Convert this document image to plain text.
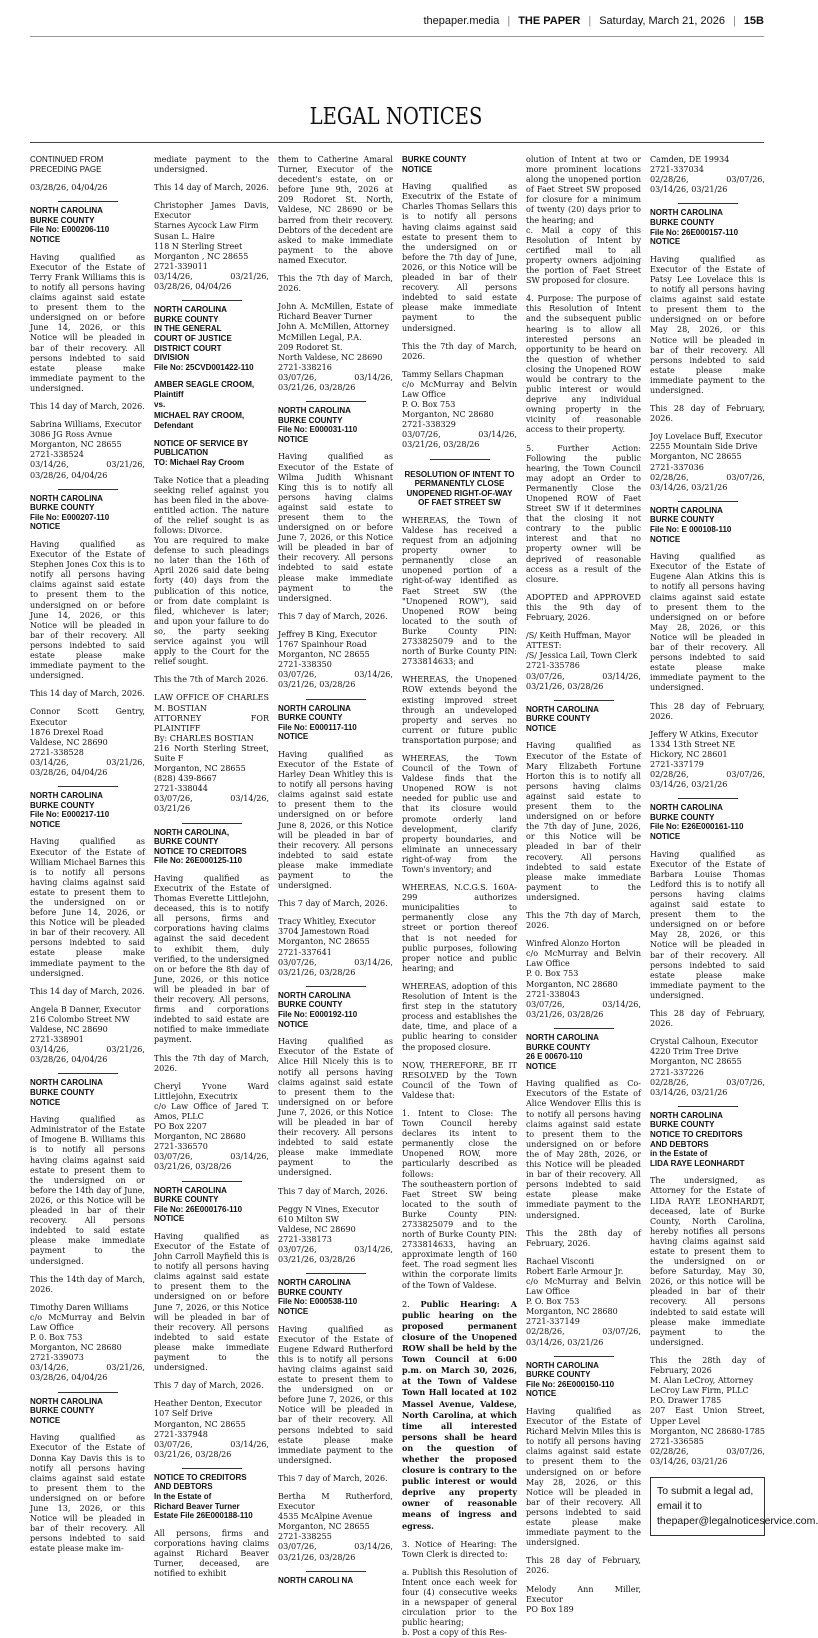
thepaper.media | THE PAPER | Saturday, March 21, 2026 | 15B
LEGAL NOTICES

CONTINUED FROM PRECEDING PAGE

03/28/26, 04/04/26

NORTH CAROLINA
BURKE COUNTY
File No: E000206-110
NOTICE

Having qualified as Executor of the Estate of Terry Frank Williams this is to notify all persons having claims against said estate to present them to the undersigned on or before June 14, 2026, or this Notice will be pleaded in bar of their recovery. All persons indebted to said estate please make immediate payment to the undersigned.

This 14 day of March, 2026.

Sabrina Williams, Executor
3086 JG Ross Avnue
Morganton, NC 28655
2721-338524
03/14/26, 03/21/26, 03/28/26, 04/04/26

NORTH CAROLINA
BURKE COUNTY
File No: E000207-110
NOTICE

Having qualified as Executor of the Estate of Stephen Jones Cox this is to notify all persons having claims against said estate to present them to the undersigned on or before June 14, 2026, or this Notice will be pleaded in bar of their recovery. All persons indebted to said estate please make immediate payment to the undersigned.

This 14 day of March, 2026.

Connor Scott Gentry, Executor
1876 Drexel Road
Valdese, NC 28690
2721-338528
03/14/26, 03/21/26, 03/28/26, 04/04/26

NORTH CAROLINA
BURKE COUNTY
File No: E000217-110
NOTICE

Having qualified as Executor of the Estate of William Michael Barnes this is to notify all persons having claims against said estate to present them to the undersigned on or before June 14, 2026, or this Notice will be pleaded in bar of their recovery. All persons indebted to said estate please make immediate payment to the undersigned.

This 14 day of March, 2026.

Angela B Danner, Executor
216 Colombo Street NW
Valdese, NC 28690
2721-338901
03/14/26, 03/21/26, 03/28/26, 04/04/26

NORTH CAROLINA
BURKE COUNTY
NOTICE

Having qualified as Administrator of the Estate of Imogene B. Williams this is to notify all persons having claims against said estate to present them to the undersigned on or before the 14th day of June, 2026, or this Notice will be pleaded in bar of their recovery. All persons indebted to said estate please make immediate payment to the undersigned.

This the 14th day of March, 2026.

Timothy Daren Williams
c/o McMurray and Belvin Law Office
P. 0. Box 753
Morganton, NC 28680
2721-339073
03/14/26, 03/21/26, 03/28/26, 04/04/26

NORTH CAROLINA
BURKE COUNTY
NOTICE

Having qualified as Executor of the Estate of Donna Kay Davis this is to notify all persons having claims against said estate to present them to the undersigned on or before June 13, 2026, or this Notice will be pleaded in bar of their recovery. All persons indebted to said estate please make im-

mediate payment to the undersigned.

This 14 day of March, 2026.

Christopher James Davis, Executor
Starnes Aycock Law Firm
Susan L. Haire
118 N Sterling Street
Morganton , NC 28655
2721-339011
03/14/26, 03/21/26, 03/28/26, 04/04/26

NORTH CAROLINA
BURKE COUNTY
IN THE GENERAL
COURT OF JUSTICE
DISTRICT COURT
DIVISION
File No: 25CVD001422-110

AMBER SEAGLE CROOM,
Plaintiff
vs.
MICHAEL RAY CROOM,
Defendant

NOTICE OF SERVICE BY PUBLICATION
TO: Michael Ray Croom

Take Notice that a pleading seeking relief against you has been filed in the above-entitled action. The nature of the relief sought is as follows: Divorce.
You are required to make defense to such pleadings no later than the 16th of April 2026 said date being forty (40) days from the publication of this notice, or from date complaint is filed, whichever is later; and upon your failure to do so, the party seeking service against you will apply to the Court for the relief sought.

This the 7th of March 2026.

LAW OFFICE OF CHARLES M. BOSTIAN
ATTORNEY FOR PLAINTIFF
By: CHARLES BOSTIAN
216 North Sterling Street, Suite F
Morganton, NC 28655
(828) 439-8667
2721-338044
03/07/26, 03/14/26, 03/21/26

NORTH CAROLINA,
BURKE COUNTY
NOTICE TO CREDITORS
File No: 26E000125-110

Having qualified as Executrix of the Estate of Thomas Everette Littlejohn, deceased, this is to notify all persons, firms and corporations having claims against the said decedent to exhibit them, duly verified, to the undersigned on or before the 8th day of June, 2026, or this notice will be pleaded in bar of their recovery. All persons, firms and corporations indebted to said estate are notified to make immediate payment.

This the 7th day of March, 2026.

Cheryl Yvone Ward Littlejohn, Executrix
c/o Law Office of Jared T. Amos, PLLC
PO Box 2207
Morganton, NC 28680
2721-336570
03/07/26, 03/14/26, 03/21/26, 03/28/26

NORTH CAROLINA
BURKE COUNTY
File No: 26E000176-110
NOTICE

Having qualified as Executor of the Estate of John Carroll Mayfield this is to notify all persons having claims against said estate to present them to the undersigned on or before June 7, 2026, or this Notice will be pleaded in bar of their recovery. All persons indebted to said estate please make immediate payment to the undersigned.

This 7 day of March, 2026.

Heather Denton, Executor
107 Self Drive
Morganton, NC 28655
2721-337948
03/07/26, 03/14/26, 03/21/26, 03/28/26

NOTICE TO CREDITORS
AND DEBTORS
In the Estate of
Richard Beaver Turner
Estate File 26E000188-110

All persons, firms and corporations having claims against Richard Beaver Turner, deceased, are notified to exhibit

them to Catherine Amaral Turner, Executor of the decedent's estate, on or before June 9th, 2026 at 209 Rodoret St. North, Valdese, NC 28690 or be barred from their recovery. Debtors of the decedent are asked to make immediate payment to the above named Executor.

This the 7th day of March, 2026.

John A. McMillen, Estate of Richard Beaver Turner
John A. McMillen, Attorney
McMillen Legal, P.A.
209 Rodoret St.
North Valdese, NC 28690
2721-338216
03/07/26, 03/14/26, 03/21/26, 03/28/26

NORTH CAROLINA
BURKE COUNTY
File No: E000031-110
NOTICE

Having qualified as Executor of the Estate of Wilma Judith Whisnant King this is to notify all persons having claims against said estate to present them to the undersigned on or before June 7, 2026, or this Notice will be pleaded in bar of their recovery. All persons indebted to said estate please make immediate payment to the undersigned.

This 7 day of March, 2026.

Jeffrey B King, Executor
1767 Spainhour Road
Morganton, NC 28655
2721-338350
03/07/26, 03/14/26, 03/21/26, 03/28/26

NORTH CAROLINA
BURKE COUNTY
File No: E000117-110
NOTICE

Having qualified as Executor of the Estate of Harley Dean Whitley this is to notify all persons having claims against said estate to present them to the undersigned on or before June 8, 2026, or this Notice will be pleaded in bar of their recovery. All persons indebted to said estate please make immediate payment to the undersigned.

This 7 day of March, 2026.

Tracy Whitley, Executor
3704 Jamestown Road
Morganton, NC 28655
2721-337641
03/07/26, 03/14/26, 03/21/26, 03/28/26

NORTH CAROLINA
BURKE COUNTY
File No: E000192-110
NOTICE

Having qualified as Executor of the Estate of Alice Hill Nicely this is to notify all persons having claims against said estate to present them to the undersigned on or before June 7, 2026, or this Notice will be pleaded in bar of their recovery. All persons indebted to said estate please make immediate payment to the undersigned.

This 7 day of March, 2026.

Peggy N Vines, Executor
610 Milton SW
Valdese, NC 28690
2721-338173
03/07/26, 03/14/26, 03/21/26, 03/28/26

NORTH CAROLINA
BURKE COUNTY
File No: E000538-110
NOTICE

Having qualified as Executor of the Estate of Eugene Edward Rutherford this is to notify all persons having claims against said estate to present them to the undersigned on or before June 7, 2026, or this Notice will be pleaded in bar of their recovery. All persons indebted to said estate please make immediate payment to the undersigned.

This 7 day of March, 2026.

Bertha M Rutherford, Executor
4535 McAlpine Avenue
Morganton, NC 28655
2721-338255
03/07/26, 03/14/26, 03/21/26, 03/28/26

NORTH CAROLI NA
BURKE COUNTY
NOTICE

Having qualified as Executrix of the Estate of Charles Thomas Sellars this is to notify all persons having claims against said estate to present them to the undersigned on or before the 7th day of June, 2026, or this Notice will be pleaded in bar of their recovery. All persons indebted to said estate please make immediate payment to the undersigned.

This the 7th day of March, 2026.

Tammy Sellars Chapman
c/o McMurray and Belvin Law Office
P. O. Box 753
Morganton, NC 28680
2721-338329
03/07/26, 03/14/26, 03/21/26, 03/28/26

RESOLUTION OF INTENT TO PERMANENTLY CLOSE UNOPENED RIGHT-OF-WAY OF FAET STREET SW

WHEREAS, the Town of Valdese has received a request from an adjoining property owner to permanently close an unopened portion of a right-of-way identified as Faet Street SW (the "Unopened ROW"), said Unopened ROW being located to the south of Burke County PIN: 2733825079 and to the north of Burke County PIN: 2733814633; and

WHEREAS, the Unopened ROW extends beyond the existing improved street through an undeveloped property and serves no current or future public transportation purpose; and

WHEREAS, the Town Council of the Town of Valdese finds that the Unopened ROW is not needed for public use and that its closure would promote orderly land development, clarify property boundaries, and eliminate an unnecessary right-of-way from the Town's inventory; and

WHEREAS, N.C.G.S. 160A-299 authorizes municipalities to permanently close any street or portion thereof that is not needed for public purposes, following proper notice and public hearing; and

WHEREAS, adoption of this Resolution of Intent is the first step in the statutory process and establishes the date, time, and place of a public hearing to consider the proposed closure.

NOW, THEREFORE, BE IT RESOLVED by the Town Council of the Town of Valdese that:

1. Intent to Close: The Town Council hereby declares its intent to permanently close the Unopened ROW, more particularly described as follows:
The southeastern portion of Faet Street SW being located to the south of Burke County PIN: 2733825079 and to the north of Burke County PIN: 2733814633, having an approximate length of 160 feet. The road segment lies within the corporate limits of the Town of Valdese.

2. Public Hearing: A public hearing on the proposed permanent closure of the Unopened ROW shall be held by the Town Council at 6:00 p.m. on March 30, 2026, at the Town of Valdese Town Hall located at 102 Massel Avenue, Valdese, North Carolina, at which time all interested persons shall be heard on the question of whether the proposed closure is contrary to the public interest or would deprive any property owner of reasonable means of ingress and egress.

3. Notice of Hearing: The Town Clerk is directed to:

a. Publish this Resolution of Intent once each week for four (4) consecutive weeks in a newspaper of general circulation prior to the public hearing;
b. Post a copy of this Res-

olution of Intent at two or more prominent locations along the unopened portion of Faet Street SW proposed for closure for a minimum of twenty (20) days prior to the hearing; and
c. Mail a copy of this Resolution of Intent by certified mail to all property owners adjoining the portion of Faet Street SW proposed for closure.

4. Purpose: The purpose of this Resolution of Intent and the subsequent public hearing is to allow all interested persons an opportunity to be heard on the question of whether closing the Unopened ROW would be contrary to the public interest or would deprive any individual owning property in the vicinity of reasonable access to their property.

5. Further Action: Following the public hearing, the Town Council may adopt an Order to Permanently Close the Unopened ROW of Faet Street SW if it determines that the closing it not contrary to the public interest and that no property owner will be deprived of reasonable access as a result of the closure.

ADOPTED and APPROVED this the 9th day of February, 2026.

/S/ Keith Huffman, Mayor
ATTEST:
/S/ Jessica Lail, Town Clerk
2721-335786
03/07/26, 03/14/26, 03/21/26, 03/28/26

NORTH CAROLINA
BURKE COUNTY
NOTICE

Having qualified as Executor of the Estate of Mary Elizabeth Fortune Horton this is to notify all persons having claims against said estate to present them to the undersigned on or before the 7th day of June, 2026, or this Notice will be pleaded in bar of their recovery. All persons indebted to said estate please make immediate payment to the undersigned.

This the 7th day of March, 2026.

Winfred Alonzo Horton
c/o McMurray and Belvin Law Office
P. 0. Box 753
Morganton, NC 28680
2721-338043
03/07/26, 03/14/26, 03/21/26, 03/28/26

NORTH CAROLINA
BURKE COUNTY
26 E 00670-110
NOTICE

Having qualified as Co-Executors of the Estate of Alice Wendover Ellis this is to notify all persons having claims against said estate to present them to the undersigned on or before the of May 28th, 2026, or this Notice will be pleaded in bar of their recovery. All persons indebted to said estate please make immediate payment to the undersigned.

This the 28th day of February, 2026.

Rachael Visconti
Robert Earle Armour Jr.
c/o McMurray and Belvin Law Office
P. O. Box 753
Morganton, NC 28680
2721-337149
02/28/26, 03/07/26, 03/14/26, 03/21/26

NORTH CAROLINA
BURKE COUNTY
File No: 26E000150-110
NOTICE

Having qualified as Executor of the Estate of Richard Melvin Miles this is to notify all persons having claims against said estate to present them to the undersigned on or before May 28, 2026, or this Notice will be pleaded in bar of their recovery. All persons indebted to said estate please make immediate payment to the undersigned.

This 28 day of February, 2026.

Melody Ann Miller, Executor
PO Box 189

Camden, DE 19934
2721-337034
02/28/26, 03/07/26, 03/14/26, 03/21/26

NORTH CAROLINA
BURKE COUNTY
File No: 26E000157-110
NOTICE

Having qualified as Executor of the Estate of Patsy Lee Lovelace this is to notify all persons having claims against said estate to present them to the undersigned on or before May 28, 2026, or this Notice will be pleaded in bar of their recovery. All persons indebted to said estate please make immediate payment to the undersigned.

This 28 day of February, 2026.

Joy Lovelace Buff, Executor
2255 Mountain Side Drive
Morganton, NC 28655
2721-337036
02/28/26, 03/07/26, 03/14/26, 03/21/26

NORTH CAROLINA
BURKE COUNTY
File No: E 000108-110
NOTICE

Having qualified as Executor of the Estate of Eugene Alan Atkins this is to notify all persons having claims against said estate to present them to the undersigned on or before May 28, 2026, or this Notice will be pleaded in bar of their recovery. All persons indebted to said estate please make immediate payment to the undersigned.

This 28 day of February, 2026.

Jeffery W Atkins, Executor
1334 13th Street NE
Hickory, NC 28601
2721-337179
02/28/26, 03/07/26, 03/14/26, 03/21/26

NORTH CAROLINA
BURKE COUNTY
File No: E26E000161-110
NOTICE

Having qualified as Executor of the Estate of Barbara Louise Thomas Ledford this is to notify all persons having claims against said estate to present them to the undersigned on or before May 28, 2026, or this Notice will be pleaded in bar of their recovery. All persons indebted to said estate please make immediate payment to the undersigned.

This 28 day of February, 2026.

Crystal Calhoun, Executor
4220 Trim Tree Drive
Morganton, NC 28655
2721-337226
02/28/26, 03/07/26, 03/14/26, 03/21/26

NORTH CAROLINA
BURKE COUNTY
NOTICE TO CREDITORS
AND DEBTORS
in the Estate of
LIDA RAYE LEONHARDT

The undersigned, as Attorney for the Estate of LIDA RAYE LEONHARDT, deceased, late of Burke County, North Carolina, hereby notifies all persons having claims against said estate to present them to the undersigned on or before Saturday, May 30, 2026, or this notice will be pleaded in bar of their recovery. All persons indebted to said estate will please make immediate payment to the undersigned.

This the 28th day of February, 2026
M. Alan LeCroy, Attorney
LeCroy Law Firm, PLLC
P.O. Drawer 1785
207 East Union Street, Upper Level
Morganton, NC 28680-1785
2721-336585
02/28/26, 03/07/26, 03/14/26, 03/21/26

To submit a legal ad, email it to thepaper@legalnoticeservice.com.
